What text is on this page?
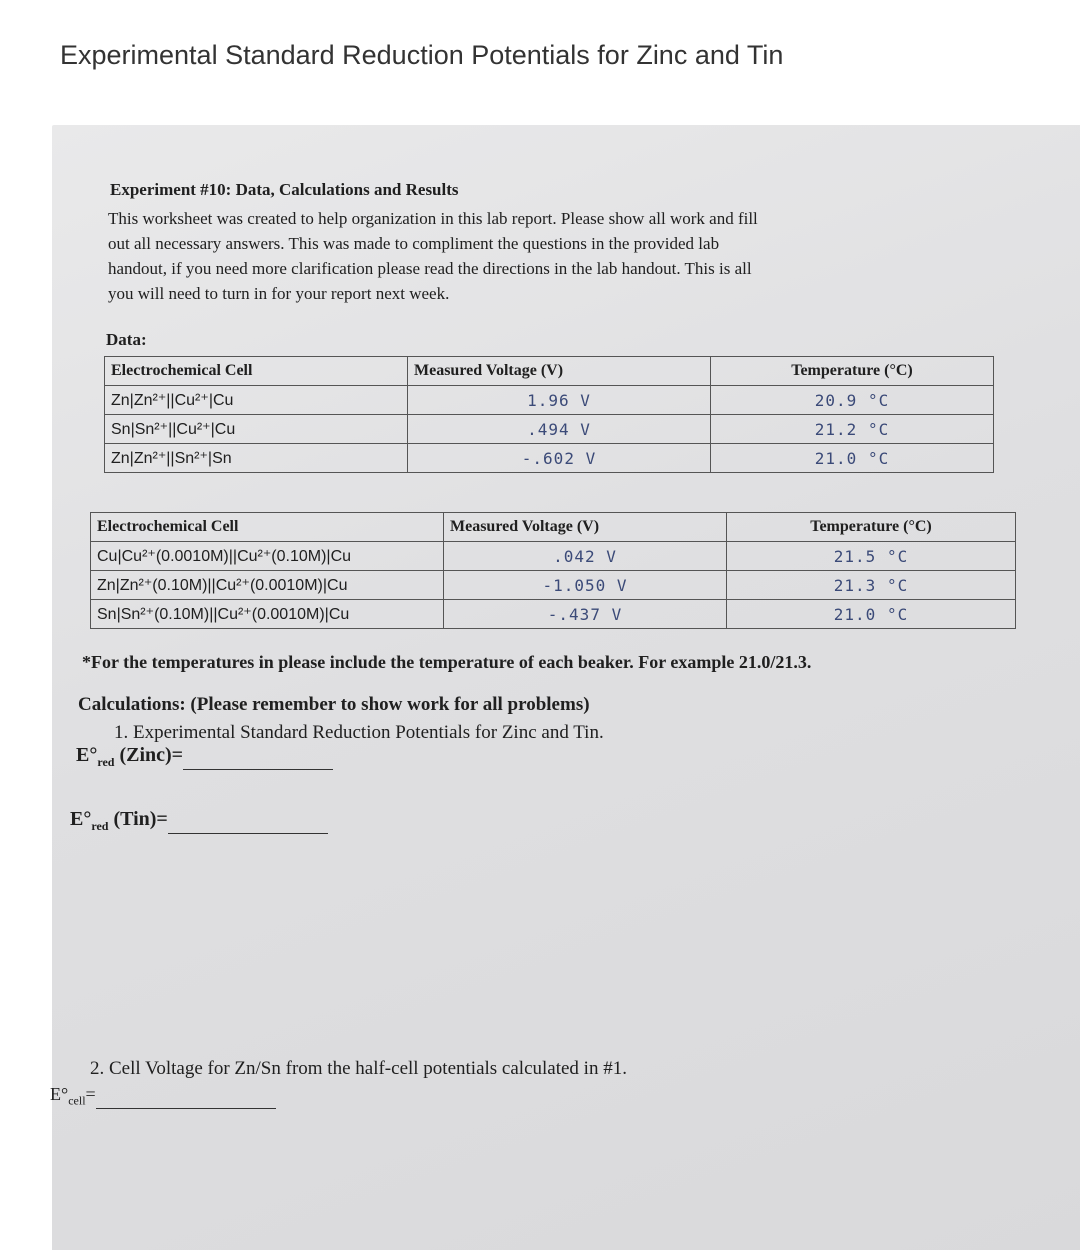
Experimental Standard Reduction Potentials for Zinc and Tin
Experiment #10: Data, Calculations and Results
This worksheet was created to help organization in this lab report. Please show all work and fill
out all necessary answers. This was made to compliment the questions in the provided lab
handout, if you need more clarification please read the directions in the lab handout. This is all
you will need to turn in for your report next week.
Data:
Electrochemical Cell	Measured Voltage (V)	Temperature (°C)
Zn|Zn²⁺||Cu²⁺|Cu	1.96 V	20.9 °C
Sn|Sn²⁺||Cu²⁺|Cu	.494 V	21.2 °C
Zn|Zn²⁺||Sn²⁺|Sn	-.602 V	21.0 °C
Electrochemical Cell	Measured Voltage (V)	Temperature (°C)
Cu|Cu²⁺(0.0010M)||Cu²⁺(0.10M)|Cu	.042 V	21.5 °C
Zn|Zn²⁺(0.10M)||Cu²⁺(0.0010M)|Cu	-1.050 V	21.3 °C
Sn|Sn²⁺(0.10M)||Cu²⁺(0.0010M)|Cu	-.437 V	21.0 °C
*For the temperatures in please include the temperature of each beaker. For example 21.0/21.3.
Calculations: (Please remember to show work for all problems)
1. Experimental Standard Reduction Potentials for Zinc and Tin.
$E^\circ_{red}$ (Zinc)=
$E^\circ_{red}$ (Tin)=
2. Cell Voltage for Zn/Sn from the half-cell potentials calculated in #1.
$E^\circ_{cell}=$
